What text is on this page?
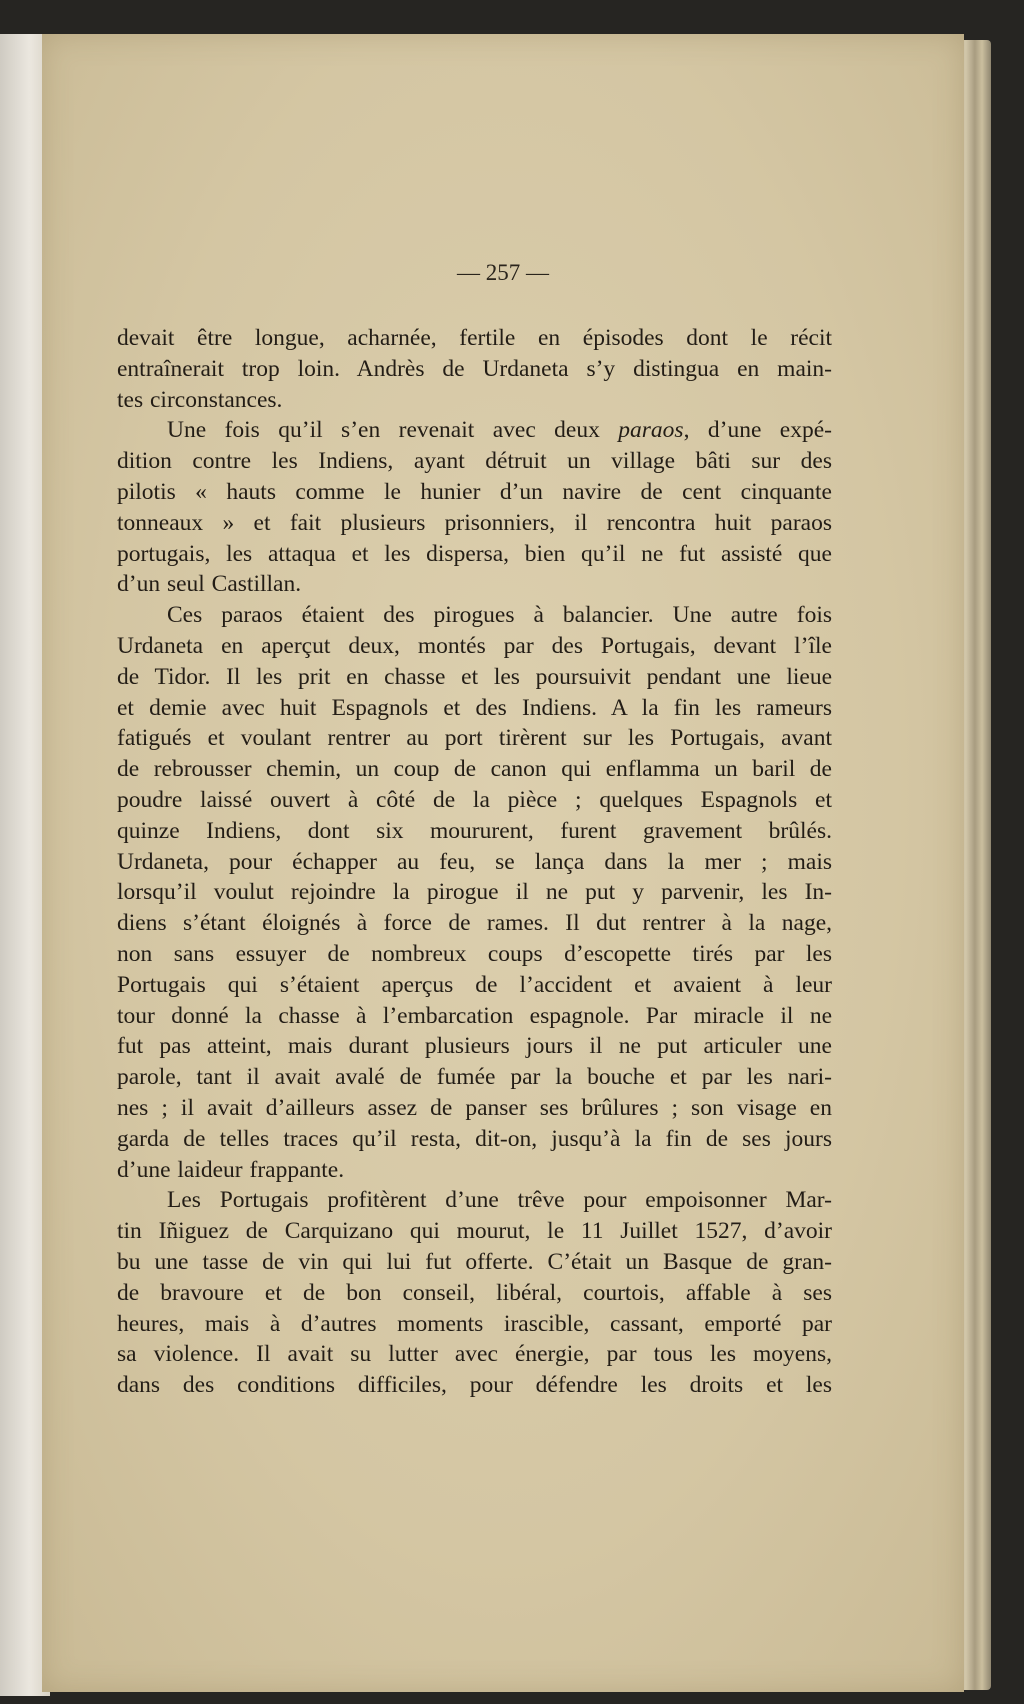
— 257 —
devait être longue, acharnée, fertile en épisodes dont le récit
entraînerait trop loin. Andrès de Urdaneta s’y distingua en main-
tes circonstances.
Une fois qu’il s’en revenait avec deux paraos, d’une expé-
dition contre les Indiens, ayant détruit un village bâti sur des
pilotis « hauts comme le hunier d’un navire de cent cinquante
tonneaux » et fait plusieurs prisonniers, il rencontra huit paraos
portugais, les attaqua et les dispersa, bien qu’il ne fut assisté que
d’un seul Castillan.
Ces paraos étaient des pirogues à balancier. Une autre fois
Urdaneta en aperçut deux, montés par des Portugais, devant l’île
de Tidor. Il les prit en chasse et les poursuivit pendant une lieue
et demie avec huit Espagnols et des Indiens. A la fin les rameurs
fatigués et voulant rentrer au port tirèrent sur les Portugais, avant
de rebrousser chemin, un coup de canon qui enflamma un baril de
poudre laissé ouvert à côté de la pièce ; quelques Espagnols et
quinze Indiens, dont six moururent, furent gravement brûlés.
Urdaneta, pour échapper au feu, se lança dans la mer ; mais
lorsqu’il voulut rejoindre la pirogue il ne put y parvenir, les In-
diens s’étant éloignés à force de rames. Il dut rentrer à la nage,
non sans essuyer de nombreux coups d’escopette tirés par les
Portugais qui s’étaient aperçus de l’accident et avaient à leur
tour donné la chasse à l’embarcation espagnole. Par miracle il ne
fut pas atteint, mais durant plusieurs jours il ne put articuler une
parole, tant il avait avalé de fumée par la bouche et par les nari-
nes ; il avait d’ailleurs assez de panser ses brûlures ; son visage en
garda de telles traces qu’il resta, dit-on, jusqu’à la fin de ses jours
d’une laideur frappante.
Les Portugais profitèrent d’une trêve pour empoisonner Mar-
tin Iñiguez de Carquizano qui mourut, le 11 Juillet 1527, d’avoir
bu une tasse de vin qui lui fut offerte. C’était un Basque de gran-
de bravoure et de bon conseil, libéral, courtois, affable à ses
heures, mais à d’autres moments irascible, cassant, emporté par
sa violence. Il avait su lutter avec énergie, par tous les moyens,
dans des conditions difficiles, pour défendre les droits et les
